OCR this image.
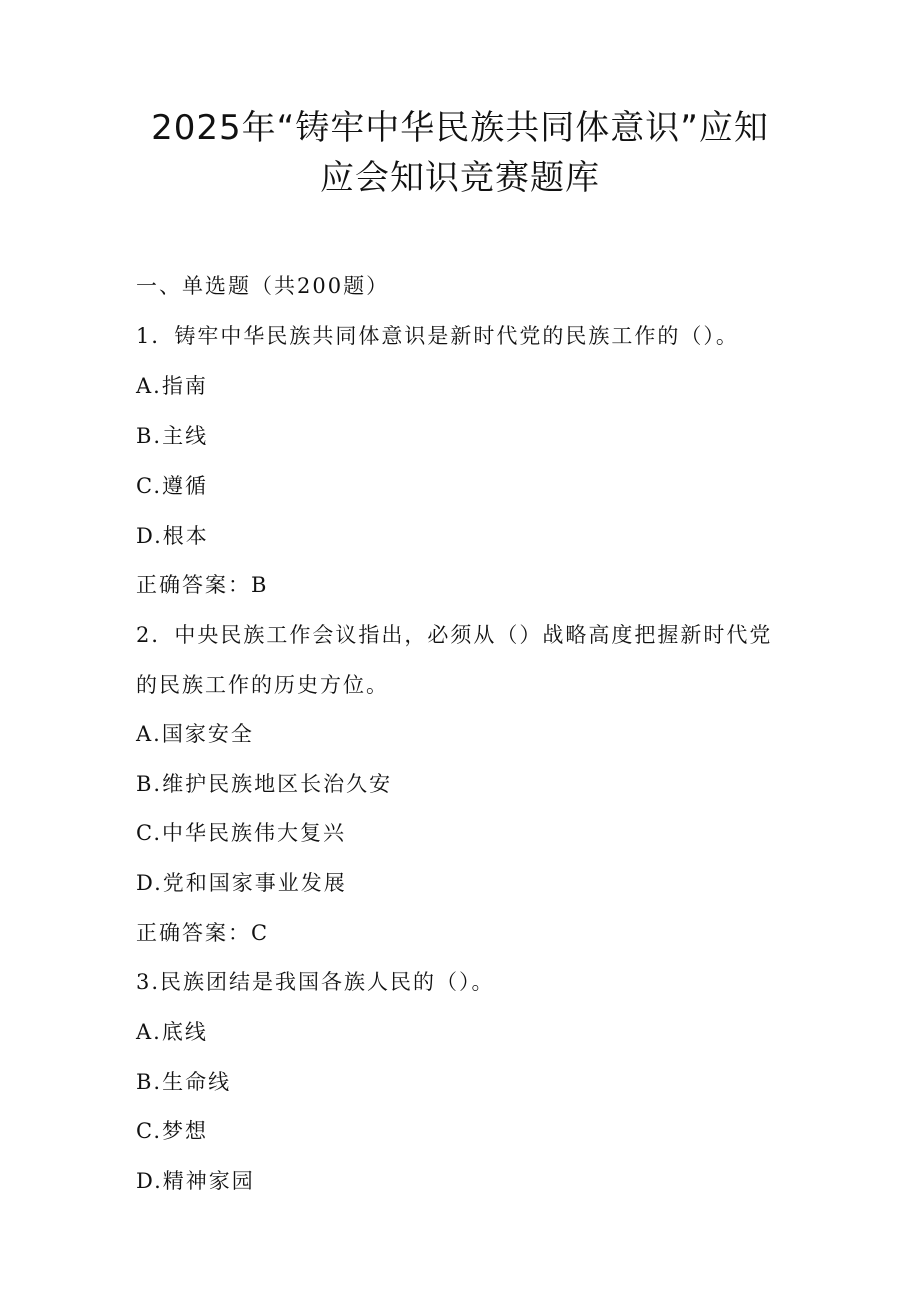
2025年“铸牢中华民族共同体意识”应知
应会知识竞赛题库
一、单选题（共200题）
1．铸牢中华民族共同体意识是新时代党的民族工作的（）。
A.指南
B.主线
C.遵循
D.根本
正确答案：B
2．中央民族工作会议指出，必须从（）战略高度把握新时代党
的民族工作的历史方位。
A.国家安全
B.维护民族地区长治久安
C.中华民族伟大复兴
D.党和国家事业发展
正确答案：C
3.民族团结是我国各族人民的（）。
A.底线
B.生命线
C.梦想
D.精神家园
